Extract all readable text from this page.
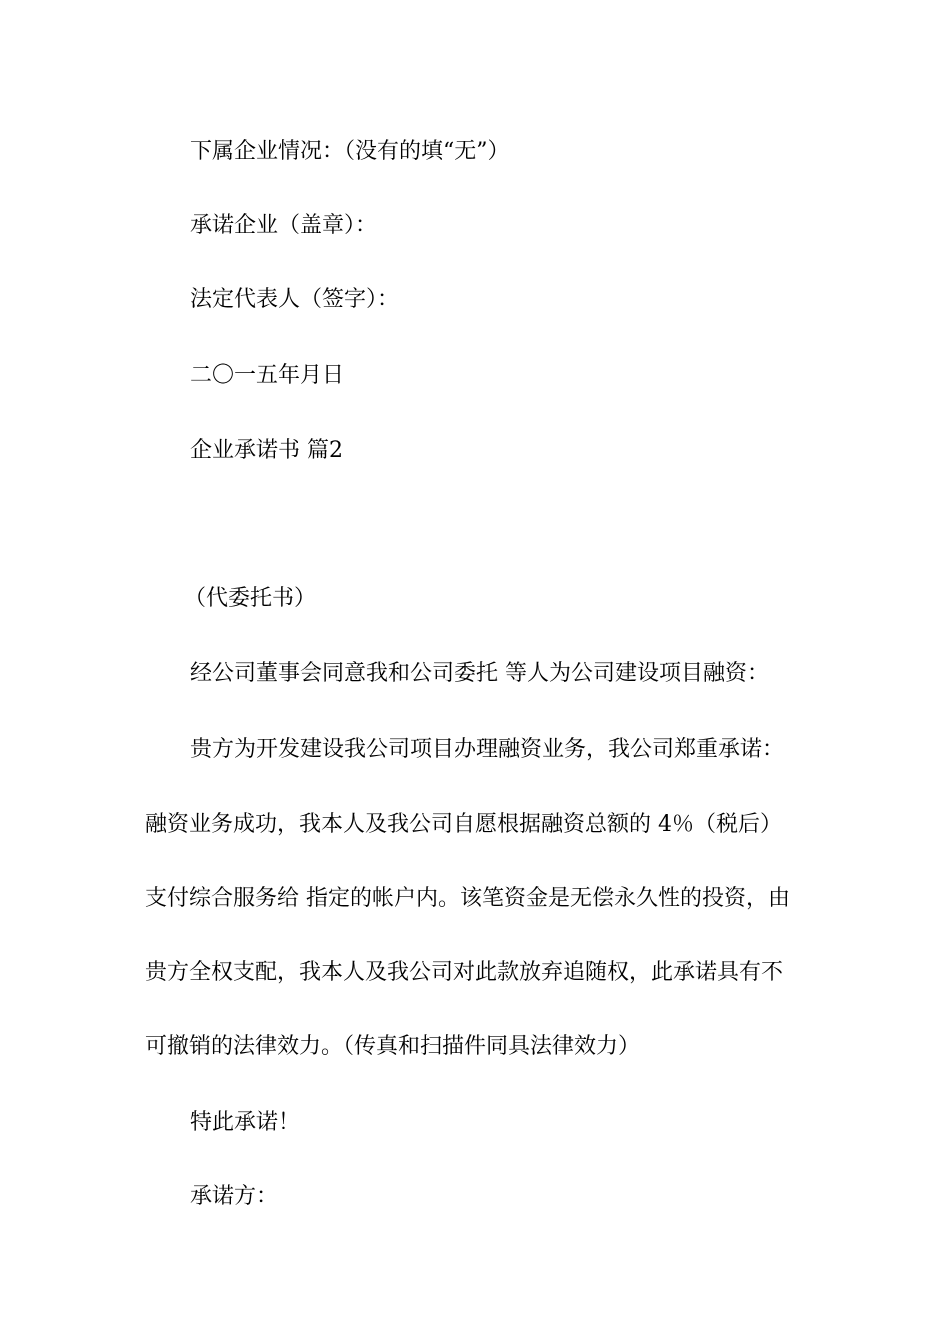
下属企业情况：（没有的填“无”）
承诺企业（盖章）：
法定代表人（签字）：
二〇一五年月日
企业承诺书 篇2
（代委托书）
经公司董事会同意我和公司委托 等人为公司建设项目融资：
贵方为开发建设我公司项目办理融资业务，我公司郑重承诺：
融资业务成功，我本人及我公司自愿根据融资总额的 4％（税后）
支付综合服务给 指定的帐户内。该笔资金是无偿永久性的投资，由
贵方全权支配，我本人及我公司对此款放弃追随权，此承诺具有不
可撤销的法律效力。（传真和扫描件同具法律效力）
特此承诺！
承诺方：
